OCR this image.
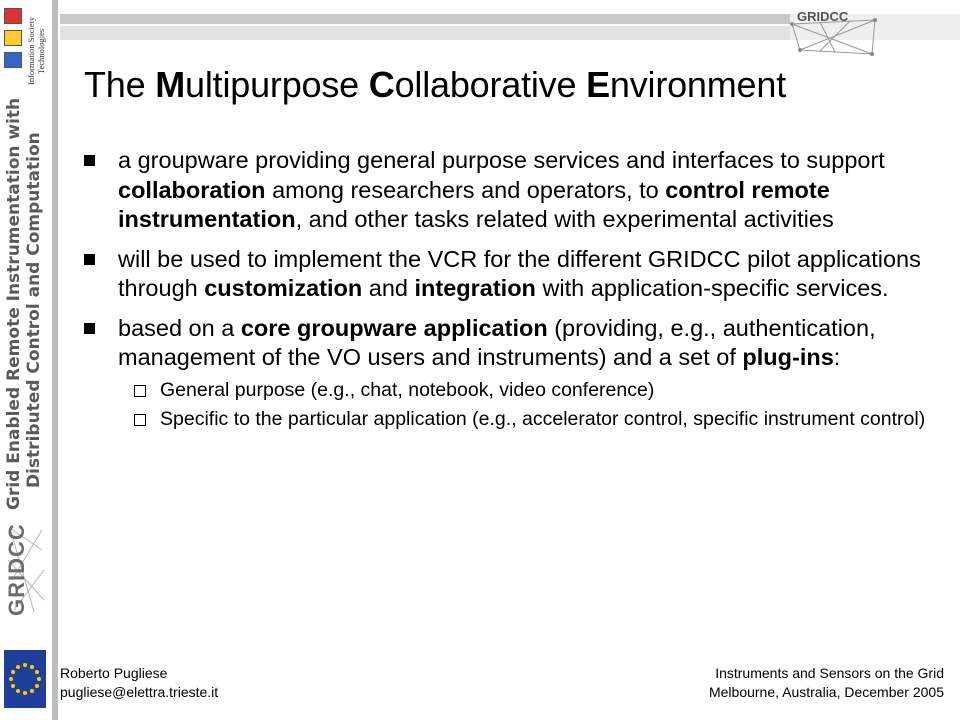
Information Society Technologies
Grid Enabled Remote Instrumentation with
Distributed Control and Computation
GRIDCC
GRIDCC
The Multipurpose Collaborative Environment
a groupware providing general purpose services and interfaces to support collaboration among researchers and operators, to control remote instrumentation, and other tasks related with experimental activities
will be used to implement the VCR for the different GRIDCC pilot applications through customization and integration with application-specific services.
based on a core groupware application (providing, e.g., authentication, management of the VO users and instruments) and a set of plug-ins:
General purpose (e.g., chat, notebook, video conference)
Specific to the particular application (e.g., accelerator control, specific instrument control)
Roberto Pugliese
pugliese@elettra.trieste.it
Instruments and Sensors on the Grid
Melbourne, Australia, December 2005
